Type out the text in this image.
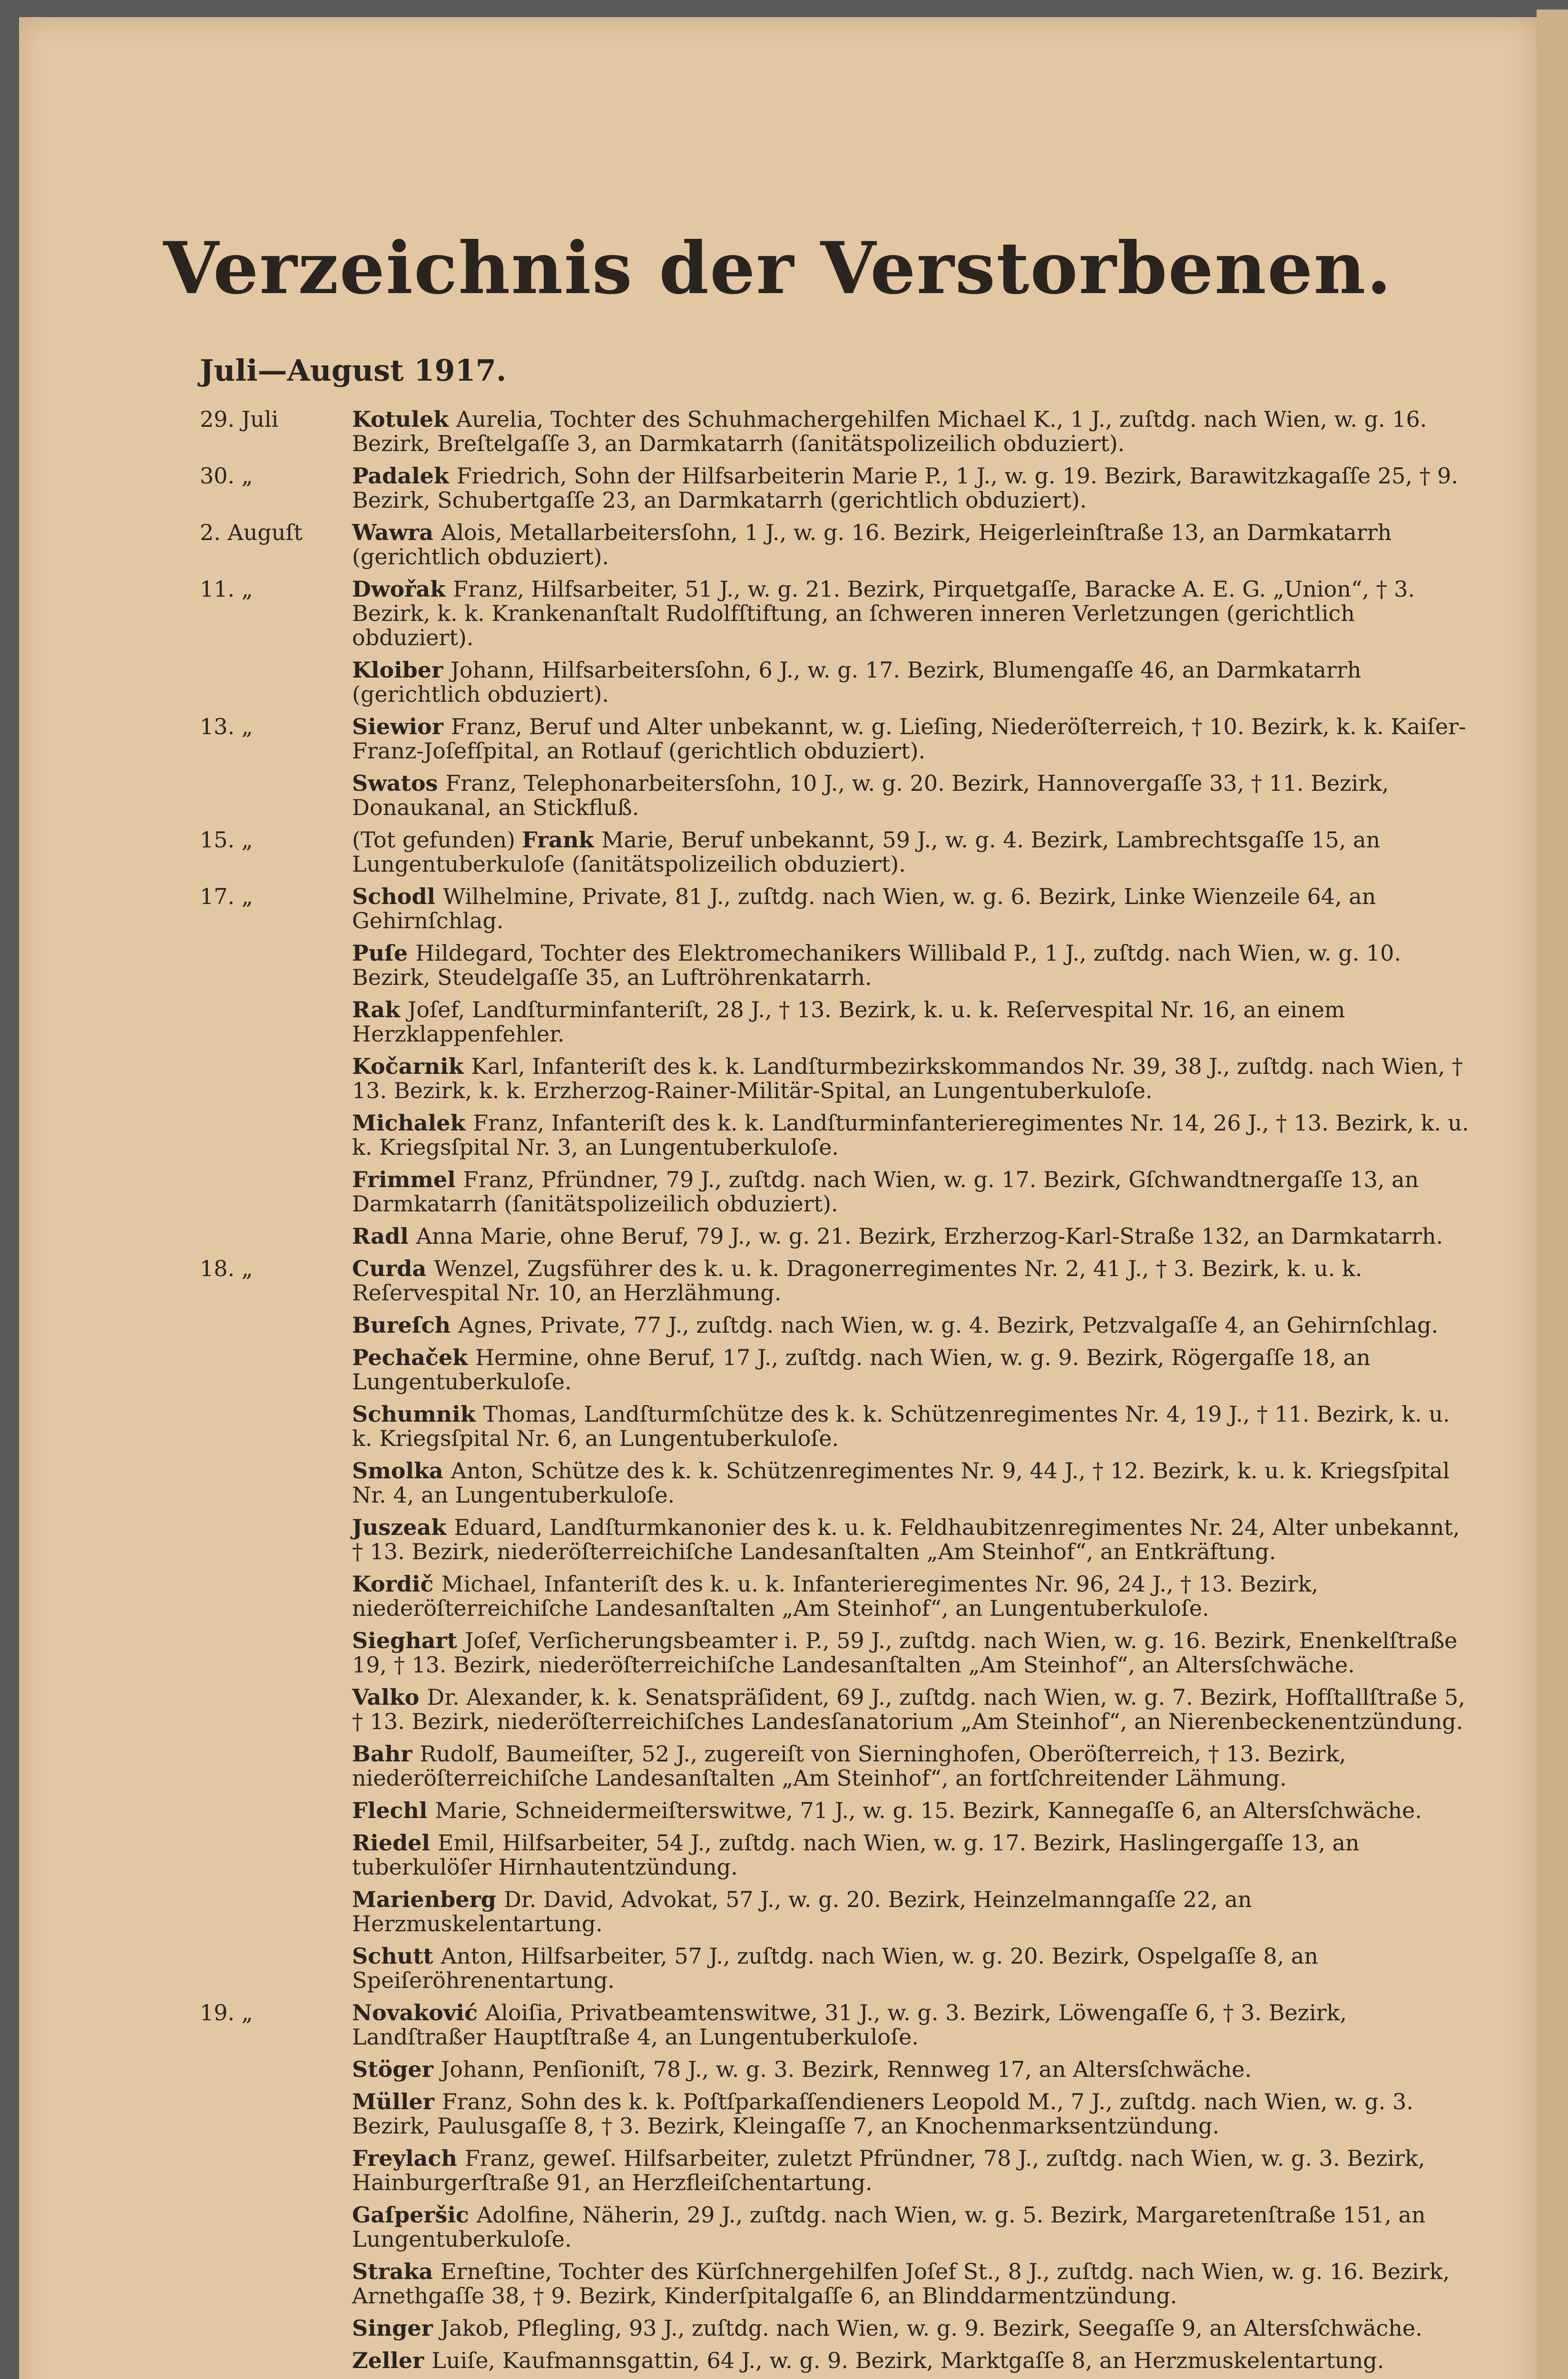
Verzeichnis der Verstorbenen.
Juli—August 1917.
29. Juli	Kotulek Aurelia, Tochter des Schuhmachergehilfen Michael K., 1 J., zuſtdg. nach Wien, w. g. 16. Bezirk, Breſtelgaſſe 3, an Darmkatarrh (ſanitätspolizeilich obduziert).
30. „	Padalek Friedrich, Sohn der Hilfsarbeiterin Marie P., 1 J., w. g. 19. Bezirk, Barawitzkagaſſe 25, † 9. Bezirk, Schubertgaſſe 23, an Darmkatarrh (gerichtlich obduziert).
2. Auguſt	Wawra Alois, Metallarbeitersſohn, 1 J., w. g. 16. Bezirk, Heigerleinſtraße 13, an Darmkatarrh (gerichtlich obduziert).
11. „	Dwořak Franz, Hilfsarbeiter, 51 J., w. g. 21. Bezirk, Pirquetgaſſe, Baracke A. E. G. „Union“, † 3. Bezirk, k. k. Krankenanſtalt Rudolfſtiftung, an ſchweren inneren Verletzungen (gerichtlich obduziert).
Kloiber Johann, Hilfsarbeitersſohn, 6 J., w. g. 17. Bezirk, Blumengaſſe 46, an Darmkatarrh (gerichtlich obduziert).
13. „	Siewior Franz, Beruf und Alter unbekannt, w. g. Lieſing, Niederöſterreich, † 10. Bezirk, k. k. Kaiſer-Franz-Joſefſpital, an Rotlauf (gerichtlich obduziert).
Swatos Franz, Telephonarbeitersſohn, 10 J., w. g. 20. Bezirk, Hannovergaſſe 33, † 11. Bezirk, Donaukanal, an Stickfluß.
15. „	(Tot gefunden) Frank Marie, Beruf unbekannt, 59 J., w. g. 4. Bezirk, Lambrechtsgaſſe 15, an Lungentuberkuloſe (ſanitätspolizeilich obduziert).
17. „	Schodl Wilhelmine, Private, 81 J., zuſtdg. nach Wien, w. g. 6. Bezirk, Linke Wienzeile 64, an Gehirnſchlag.
Puſe Hildegard, Tochter des Elektromechanikers Willibald P., 1 J., zuſtdg. nach Wien, w. g. 10. Bezirk, Steudelgaſſe 35, an Luftröhrenkatarrh.
Rak Joſef, Landſturminfanteriſt, 28 J., † 13. Bezirk, k. u. k. Reſervespital Nr. 16, an einem Herzklappenfehler.
Kočarnik Karl, Infanteriſt des k. k. Landſturmbezirkskommandos Nr. 39, 38 J., zuſtdg. nach Wien, † 13. Bezirk, k. k. Erzherzog-Rainer-Militär-Spital, an Lungentuberkuloſe.
Michalek Franz, Infanteriſt des k. k. Landſturminfanterieregimentes Nr. 14, 26 J., † 13. Bezirk, k. u. k. Kriegsſpital Nr. 3, an Lungentuberkuloſe.
Frimmel Franz, Pfründner, 79 J., zuſtdg. nach Wien, w. g. 17. Bezirk, Gſchwandtnergaſſe 13, an Darmkatarrh (ſanitätspolizeilich obduziert).
Radl Anna Marie, ohne Beruf, 79 J., w. g. 21. Bezirk, Erzherzog-Karl-Straße 132, an Darmkatarrh.
18. „	Curda Wenzel, Zugsführer des k. u. k. Dragonerregimentes Nr. 2, 41 J., † 3. Bezirk, k. u. k. Reſervespital Nr. 10, an Herzlähmung.
Bureſch Agnes, Private, 77 J., zuſtdg. nach Wien, w. g. 4. Bezirk, Petzvalgaſſe 4, an Gehirnſchlag.
Pechaček Hermine, ohne Beruf, 17 J., zuſtdg. nach Wien, w. g. 9. Bezirk, Rögergaſſe 18, an Lungentuberkuloſe.
Schumnik Thomas, Landſturmſchütze des k. k. Schützenregimentes Nr. 4, 19 J., † 11. Bezirk, k. u. k. Kriegsſpital Nr. 6, an Lungentuberkuloſe.
Smolka Anton, Schütze des k. k. Schützenregimentes Nr. 9, 44 J., † 12. Bezirk, k. u. k. Kriegsſpital Nr. 4, an Lungentuberkuloſe.
Juszeak Eduard, Landſturmkanonier des k. u. k. Feldhaubitzenregimentes Nr. 24, Alter unbekannt, † 13. Bezirk, niederöſterreichiſche Landesanſtalten „Am Steinhof“, an Entkräftung.
Kordič Michael, Infanteriſt des k. u. k. Infanterieregimentes Nr. 96, 24 J., † 13. Bezirk, niederöſterreichiſche Landesanſtalten „Am Steinhof“, an Lungentuberkuloſe.
Sieghart Joſef, Verſicherungsbeamter i. P., 59 J., zuſtdg. nach Wien, w. g. 16. Bezirk, Enenkelſtraße 19, † 13. Bezirk, niederöſterreichiſche Landesanſtalten „Am Steinhof“, an Altersſchwäche.
Valko Dr. Alexander, k. k. Senatspräſident, 69 J., zuſtdg. nach Wien, w. g. 7. Bezirk, Hofſtallſtraße 5, † 13. Bezirk, niederöſterreichiſches Landesſanatorium „Am Steinhof“, an Nierenbeckenentzündung.
Bahr Rudolf, Baumeiſter, 52 J., zugereiſt von Sierninghofen, Oberöſterreich, † 13. Bezirk, niederöſterreichiſche Landesanſtalten „Am Steinhof“, an fortſchreitender Lähmung.
Flechl Marie, Schneidermeiſterswitwe, 71 J., w. g. 15. Bezirk, Kannegaſſe 6, an Altersſchwäche.
Riedel Emil, Hilfsarbeiter, 54 J., zuſtdg. nach Wien, w. g. 17. Bezirk, Haslingergaſſe 13, an tuberkulöſer Hirnhautentzündung.
Marienberg Dr. David, Advokat, 57 J., w. g. 20. Bezirk, Heinzelmanngaſſe 22, an Herzmuskelentartung.
Schutt Anton, Hilfsarbeiter, 57 J., zuſtdg. nach Wien, w. g. 20. Bezirk, Ospelgaſſe 8, an Speiſeröhrenentartung.
19. „	Novaković Aloiſia, Privatbeamtenswitwe, 31 J., w. g. 3. Bezirk, Löwengaſſe 6, † 3. Bezirk, Landſtraßer Hauptſtraße 4, an Lungentuberkuloſe.
Stöger Johann, Penſioniſt, 78 J., w. g. 3. Bezirk, Rennweg 17, an Altersſchwäche.
Müller Franz, Sohn des k. k. Poſtſparkaſſendieners Leopold M., 7 J., zuſtdg. nach Wien, w. g. 3. Bezirk, Paulusgaſſe 8, † 3. Bezirk, Kleingaſſe 7, an Knochenmarksentzündung.
Freylach Franz, geweſ. Hilfsarbeiter, zuletzt Pfründner, 78 J., zuſtdg. nach Wien, w. g. 3. Bezirk, Hainburgerſtraße 91, an Herzfleiſchentartung.
Gaſperšic Adolfine, Näherin, 29 J., zuſtdg. nach Wien, w. g. 5. Bezirk, Margaretenſtraße 151, an Lungentuberkuloſe.
Straka Erneſtine, Tochter des Kürſchnergehilfen Joſef St., 8 J., zuſtdg. nach Wien, w. g. 16. Bezirk, Arnethgaſſe 38, † 9. Bezirk, Kinderſpitalgaſſe 6, an Blinddarmentzündung.
Singer Jakob, Pflegling, 93 J., zuſtdg. nach Wien, w. g. 9. Bezirk, Seegaſſe 9, an Altersſchwäche.
Zeller Luiſe, Kaufmannsgattin, 64 J., w. g. 9. Bezirk, Marktgaſſe 8, an Herzmuskelentartung.
